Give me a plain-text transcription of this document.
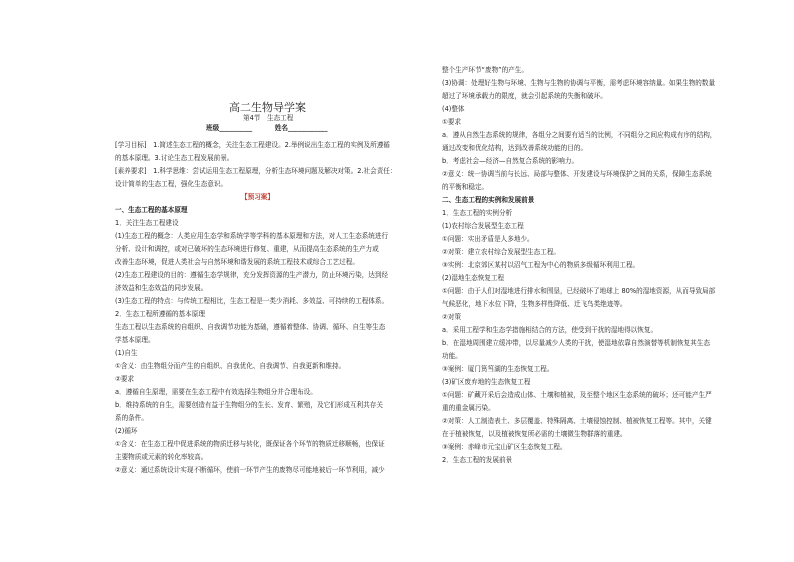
高二生物导学案
第4节　生态工程
班级__________	姓名____________
[学习目标]　1.简述生态工程的概念，关注生态工程建设。2.举例说出生态工程的实例及所遵循
的基本原理。3.讨论生态工程发展前景。
[素养要求]　1.科学思维：尝试运用生态工程原理，分析生态环境问题及解决对策。2.社会责任：
设计简单的生态工程，强化生态意识。
【预习案】
一、生态工程的基本原理
1．关注生态工程建设
(1)生态工程的概念：人类应用生态学和系统学等学科的基本原理和方法，对人工生态系统进行
分析、设计和调控，或对已破坏的生态环境进行修复、重建，从而提高生态系统的生产力或
改善生态环境，促进人类社会与自然环境和谐发展的系统工程技术或综合工艺过程。
(2)生态工程建设的目的：遵循生态学规律，充分发挥资源的生产潜力，防止环境污染，达到经
济效益和生态效益的同步发展。
(3)生态工程的特点：与传统工程相比，生态工程是一类少消耗、多效益、可持续的工程体系。
2．生态工程所遵循的基本原理
生态工程以生态系统的自组织、自我调节功能为基础，遵循着整体、协调、循环、自生等生态
学基本原理。
(1)自生
①含义：由生物组分而产生的自组织、自我优化、自我调节、自我更新和维持。
②要求
a．遵循自生原理，需要在生态工程中有效选择生物组分并合理布设。
b．维持系统的自生，需要创造有益于生物组分的生长、发育、繁殖，及它们形成互利共存关
系的条件。
(2)循环
①含义：在生态工程中促进系统的物质迁移与转化，既保证各个环节的物质迁移顺畅，也保证
主要物质或元素的转化率较高。
②意义：通过系统设计实现不断循环，使前一环节产生的废物尽可能地被后一环节利用，减少
整个生产环节“废物”的产生。
(3)协调：处理好生物与环境、生物与生物的协调与平衡，需考虑环境容纳量。如果生物的数量
超过了环境承载力的限度，就会引起系统的失衡和破坏。
(4)整体
①要求
a．遵从自然生态系统的规律，各组分之间要有适当的比例，不同组分之间应构成有序的结构，
通过改变和优化结构，达到改善系统功能的目的。
b．考虑社会—经济—自然复合系统的影响力。
②意义：统一协调当前与长远、局部与整体、开发建设与环境保护之间的关系，保障生态系统
的平衡和稳定。
二、生态工程的实例和发展前景
1．生态工程的实例分析
(1)农村综合发展型生态工程
①问题：实出矛盾是人多地少。
②对策：建立农村综合发展型生态工程。
③实例：北京郊区某村以沼气工程为中心的物质多级循环利用工程。
(2)湿地生态恢复工程
①问题：由于人们对湿地进行排水和围垦，已经破坏了地球上 80%的湿地资源，从而导致局部
气候恶化，地下水位下降，生物多样性降低、迁飞鸟类绝迹等。
②对策
a．采用工程学和生态学措施相结合的方法，使受到干扰的湿地得以恢复。
b．在湿地周围建立缓冲带，以尽量减少人类的干扰，使湿地依靠自然演替等机制恢复其生态
功能。
③案例：厦门筼筜湖的生态恢复工程。
(3)矿区废弃地的生态恢复工程
①问题：矿藏开采后会造成山体、土壤和植被，及至整个地区生态系统的破坏；还可能产生严
重的重金属污染。
②对策：人工制造表土、多层覆盖、特殊隔离、土壤侵蚀控制、植被恢复工程等。其中，关键
在于植被恢复，以及植被恢复所必需的土壤微生物群落的重建。
③案例：赤峰市元宝山矿区生态恢复工程。
2．生态工程的发展前景
